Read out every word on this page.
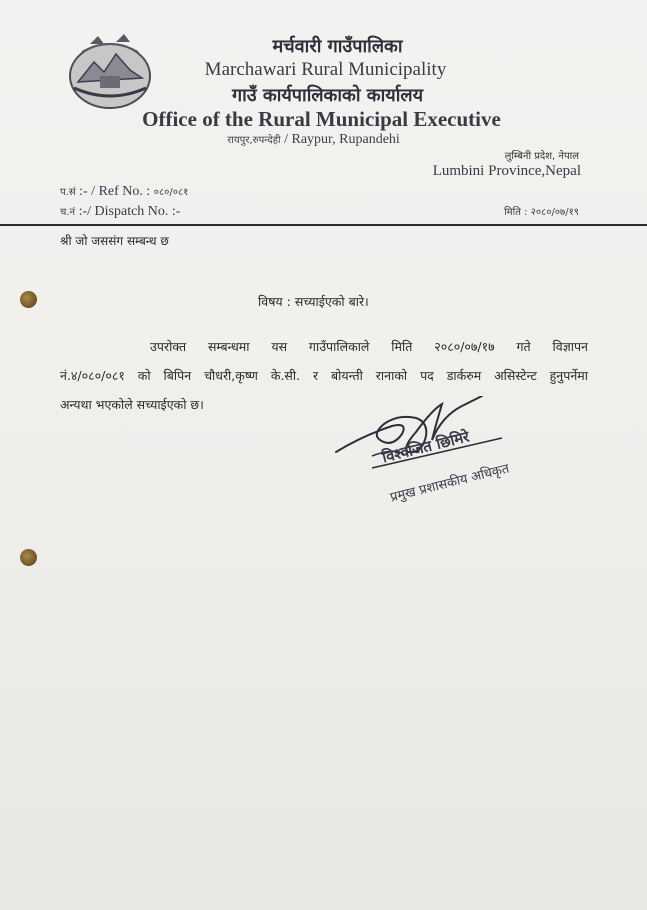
मर्चवारी गाउँपालिका
Marchawari Rural Municipality
गाउँ कार्यपालिकाको कार्यालय
Office of the Rural Municipal Executive
रायपुर,रुपन्देही / Raypur, Rupandehi
लुम्बिनी प्रदेश, नेपाल
Lumbini Province,Nepal
प.सं :- / Ref No. : ०८०/०८१
च.नं :-/ Dispatch No. :-	मिति : २०८०/०७/१९
श्री जो जससंग सम्बन्ध छ
विषय : सच्याईएको बारे।
उपरोक्त सम्बन्धमा यस गाउँपालिकाले मिति २०८०/०७/१७ गते विज्ञापन
नं.४/०८०/०८१ को बिपिन चौधरी,कृष्ण के.सी. र बोयन्ती रानाको पद डार्करुम असिस्टेन्ट हुनुपर्नेमा
अन्यथा भएकोले सच्याईएको छ।
विश्वजित छिमिरे
प्रमुख प्रशासकीय अधिकृत
